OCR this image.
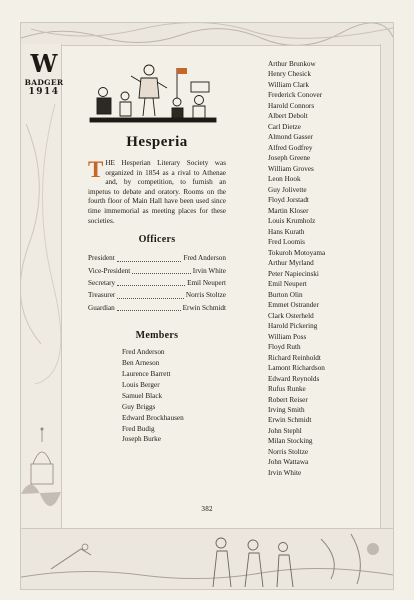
W
BADGER
1914
Hesperia

THE Hesperian Literary Society was organized in 1854 as a rival to Athenae and, by competition, to furnish an impetus to debate and oratory. Rooms on the fourth floor of Main Hall have been used since time immemorial as meeting places for these societies.

Officers
President	Fred Anderson
Vice-President	Irvin White
Secretary	Emil Neupert
Treasurer	Norris Stoltze
Guardian	Erwin Schmidt
Members
Fred Anderson
Ben Arneson
Laurence Barrett
Louis Berger
Samuel Black
Guy Briggs
Edward Brockhausen
Fred Budig
Joseph Burke
Arthur Brunkow
Henry Chesick
William Clark
Frederick Conover
Harold Connors
Albert Debolt
Carl Dietze
Almond Gasser
Alfred Godfrey
Joseph Greene
William Groves
Leon Hook
Guy Jolivette
Floyd Jorstadt
Martin Kloser
Louis Krumholz
Hans Kurath
Fred Loomis
Tokuroh Motoyama
Arthur Myrland
Peter Napiecinski
Emil Neupert
Burton Olin
Emmet Ostrander
Clark Osterheld
Harold Pickering
William Poss
Floyd Ruth
Richard Reinholdt
Lamont Richardson
Edward Reynolds
Rufus Runke
Robert Reiser
Irving Smith
Erwin Schmidt
John Stephl
Milan Stocking
Norris Stoltze
John Wattawa
Irvin White
382
